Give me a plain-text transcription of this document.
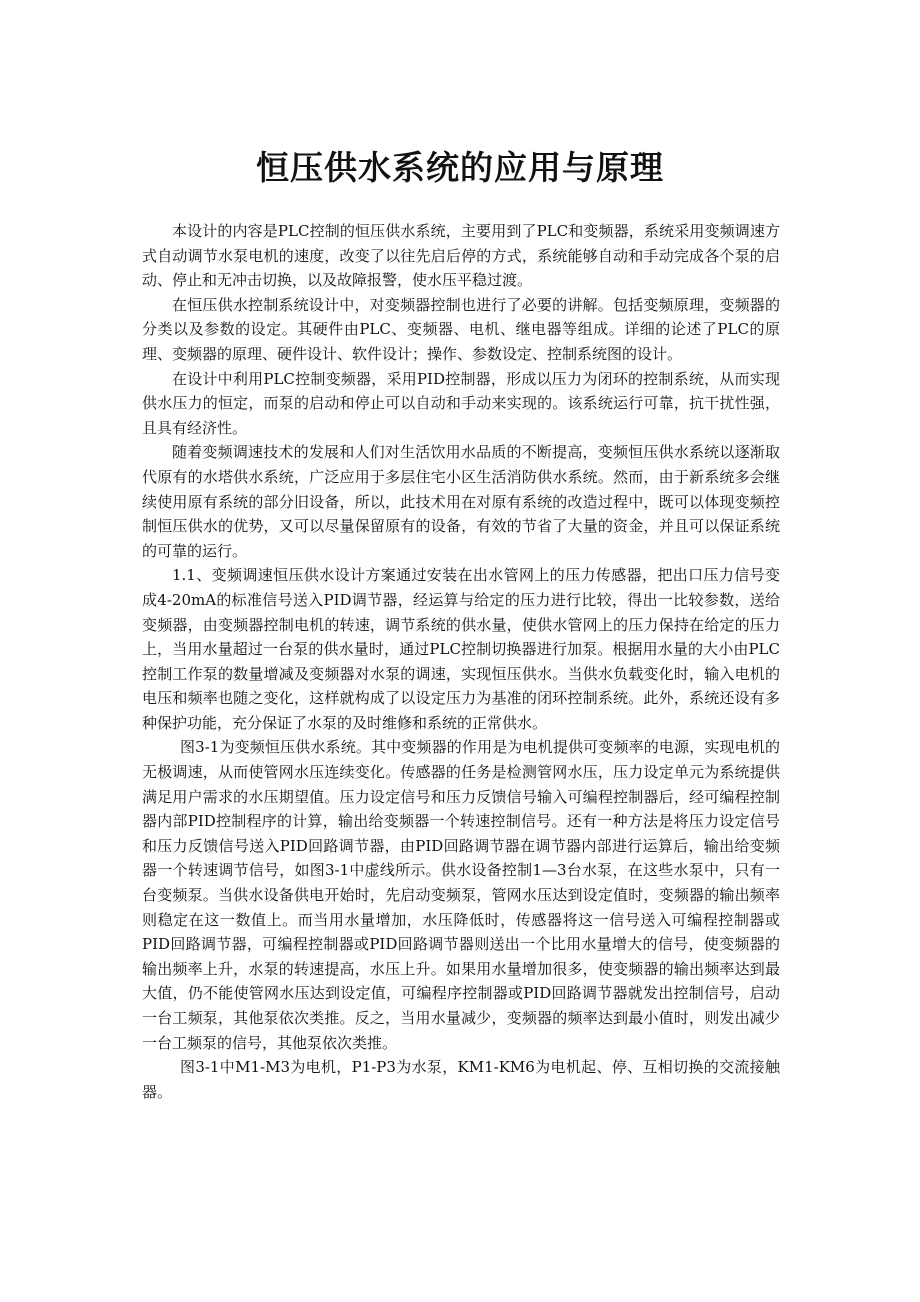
恒压供水系统的应用与原理

本设计的内容是PLC控制的恒压供水系统，主要用到了PLC和变频器，系统采用变频调速方式自动调节水泵电机的速度，改变了以往先启后停的方式，系统能够自动和手动完成各个泵的启动、停止和无冲击切换，以及故障报警，使水压平稳过渡。

在恒压供水控制系统设计中，对变频器控制也进行了必要的讲解。包括变频原理，变频器的分类以及参数的设定。其硬件由PLC、变频器、电机、继电器等组成。详细的论述了PLC的原理、变频器的原理、硬件设计、软件设计；操作、参数设定、控制系统图的设计。

在设计中利用PLC控制变频器，采用PID控制器，形成以压力为闭环的控制系统，从而实现供水压力的恒定，而泵的启动和停止可以自动和手动来实现的。该系统运行可靠，抗干扰性强，且具有经济性。

随着变频调速技术的发展和人们对生活饮用水品质的不断提高，变频恒压供水系统以逐渐取代原有的水塔供水系统，广泛应用于多层住宅小区生活消防供水系统。然而，由于新系统多会继续使用原有系统的部分旧设备，所以，此技术用在对原有系统的改造过程中，既可以体现变频控制恒压供水的优势，又可以尽量保留原有的设备，有效的节省了大量的资金，并且可以保证系统的可靠的运行。

1.1、变频调速恒压供水设计方案通过安装在出水管网上的压力传感器，把出口压力信号变成4-20mA的标准信号送入PID调节器，经运算与给定的压力进行比较，得出一比较参数，送给变频器，由变频器控制电机的转速，调节系统的供水量，使供水管网上的压力保持在给定的压力上，当用水量超过一台泵的供水量时，通过PLC控制切换器进行加泵。根据用水量的大小由PLC控制工作泵的数量增减及变频器对水泵的调速，实现恒压供水。当供水负载变化时，输入电机的电压和频率也随之变化，这样就构成了以设定压力为基准的闭环控制系统。此外，系统还设有多种保护功能，充分保证了水泵的及时维修和系统的正常供水。

图3-1为变频恒压供水系统。其中变频器的作用是为电机提供可变频率的电源，实现电机的无极调速，从而使管网水压连续变化。传感器的任务是检测管网水压，压力设定单元为系统提供满足用户需求的水压期望值。压力设定信号和压力反馈信号输入可编程控制器后，经可编程控制器内部PID控制程序的计算，输出给变频器一个转速控制信号。还有一种方法是将压力设定信号和压力反馈信号送入PID回路调节器，由PID回路调节器在调节器内部进行运算后，输出给变频器一个转速调节信号，如图3-1中虚线所示。供水设备控制1—3台水泵，在这些水泵中，只有一台变频泵。当供水设备供电开始时，先启动变频泵，管网水压达到设定值时，变频器的输出频率则稳定在这一数值上。而当用水量增加，水压降低时，传感器将这一信号送入可编程控制器或PID回路调节器，可编程控制器或PID回路调节器则送出一个比用水量增大的信号，使变频器的输出频率上升，水泵的转速提高，水压上升。如果用水量增加很多，使变频器的输出频率达到最大值，仍不能使管网水压达到设定值，可编程序控制器或PID回路调节器就发出控制信号，启动一台工频泵，其他泵依次类推。反之，当用水量减少，变频器的频率达到最小值时，则发出减少一台工频泵的信号，其他泵依次类推。

图3-1中M1-M3为电机，P1-P3为水泵，KM1-KM6为电机起、停、互相切换的交流接触器。
